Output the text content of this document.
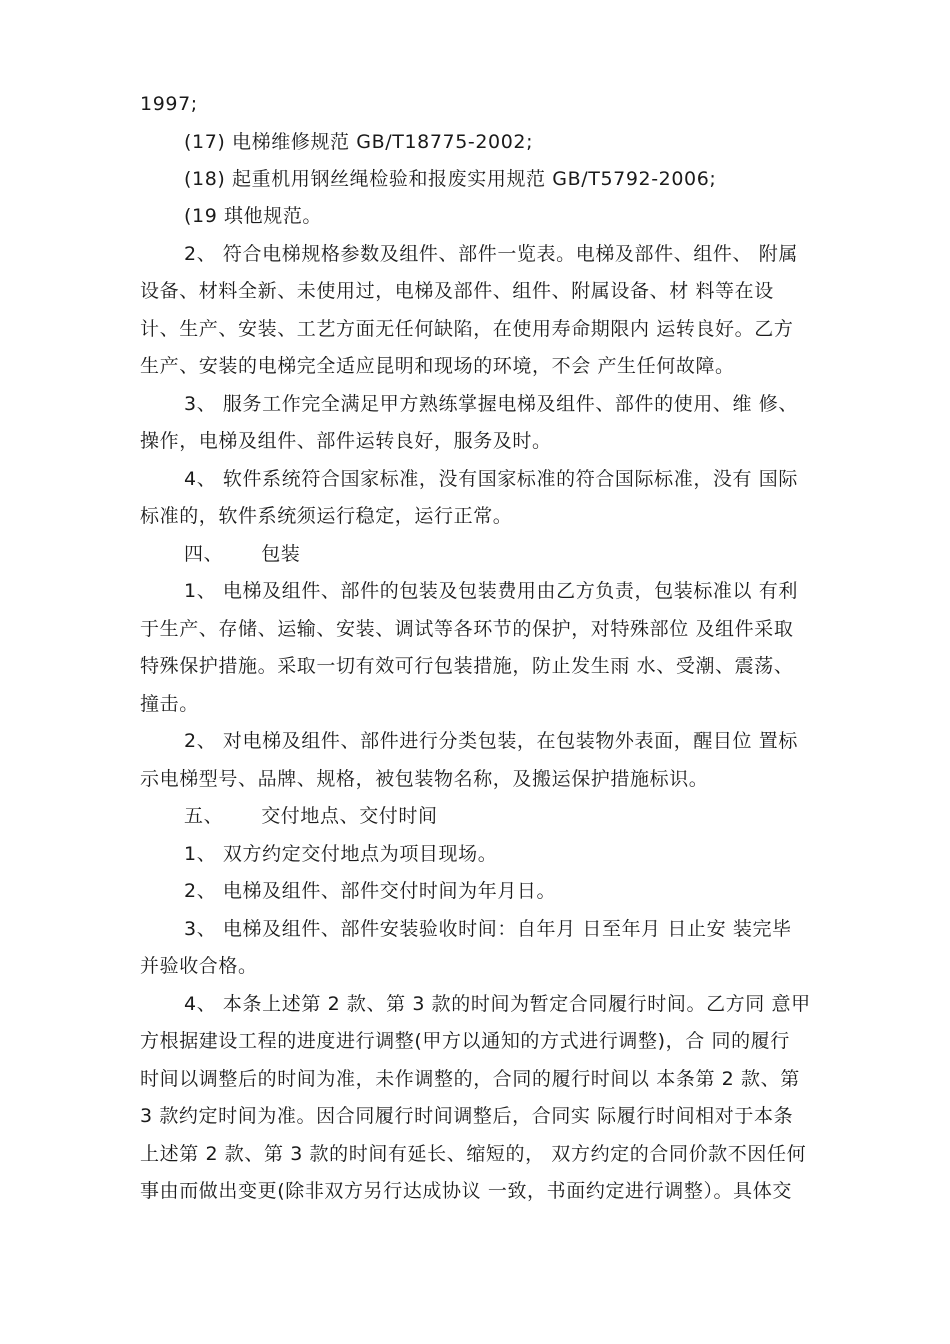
1997;
(17) 电梯维修规范 GB/T18775-2002;
(18) 起重机用钢丝绳检验和报废实用规范 GB/T5792-2006;
(19 琪他规范。
2、 符合电梯规格参数及组件、部件一览表。电梯及部件、组件、 附属
设备、材料全新、未使用过，电梯及部件、组件、附属设备、材 料等在设
计、生产、安装、工艺方面无任何缺陷，在使用寿命期限内 运转良好。乙方
生产、安装的电梯完全适应昆明和现场的环境，不会 产生任何故障。
3、 服务工作完全满足甲方熟练掌握电梯及组件、部件的使用、维 修、
操作，电梯及组件、部件运转良好，服务及时。
4、 软件系统符合国家标准，没有国家标准的符合国际标准，没有 国际
标准的，软件系统须运行稳定，运行正常。
四、 包装
1、 电梯及组件、部件的包装及包装费用由乙方负责，包装标准以 有利
于生产、存储、运输、安装、调试等各环节的保护，对特殊部位 及组件采取
特殊保护措施。采取一切有效可行包装措施，防止发生雨 水、受潮、震荡、
撞击。
2、 对电梯及组件、部件进行分类包装，在包装物外表面，醒目位 置标
示电梯型号、品牌、规格，被包装物名称，及搬运保护措施标识。
五、 交付地点、交付时间
1、 双方约定交付地点为项目现场。
2、 电梯及组件、部件交付时间为年月日。
3、 电梯及组件、部件安装验收时间：自年月 日至年月 日止安 装完毕
并验收合格。
4、 本条上述第 2 款、第 3 款的时间为暂定合同履行时间。乙方同 意甲
方根据建设工程的进度进行调整(甲方以通知的方式进行调整)，合 同的履行
时间以调整后的时间为准，未作调整的，合同的履行时间以 本条第 2 款、第
3 款约定时间为准。因合同履行时间调整后，合同实 际履行时间相对于本条
上述第 2 款、第 3 款的时间有延长、缩短的， 双方约定的合同价款不因任何
事由而做出变更(除非双方另行达成协议 一致，书面约定进行调整）。具体交
